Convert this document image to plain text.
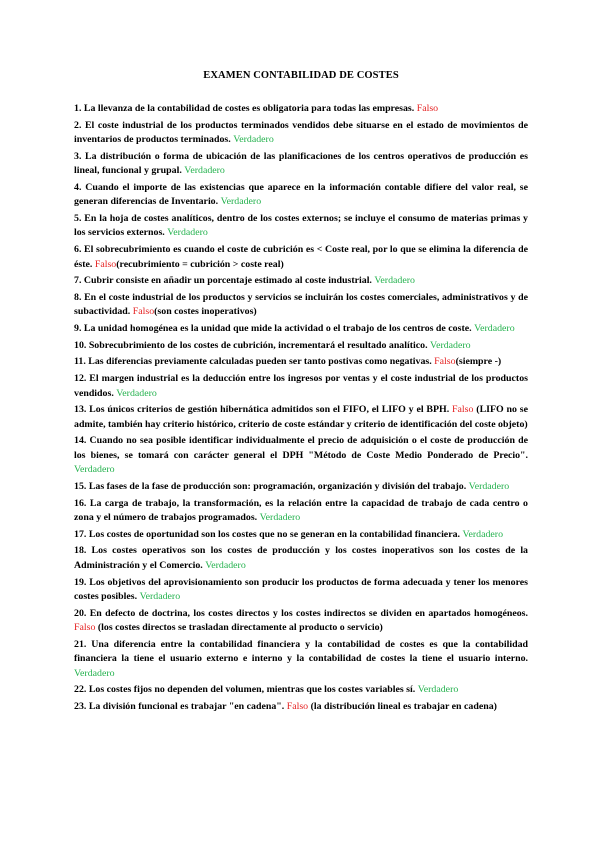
EXAMEN CONTABILIDAD DE COSTES

1. La llevanza de la contabilidad de costes es obligatoria para todas las empresas. Falso

2. El coste industrial de los productos terminados vendidos debe situarse en el estado de movimientos de inventarios de productos terminados. Verdadero

3. La distribución o forma de ubicación de las planificaciones de los centros operativos de producción es lineal, funcional y grupal. Verdadero

4. Cuando el importe de las existencias que aparece en la información contable difiere del valor real, se generan diferencias de Inventario. Verdadero

5. En la hoja de costes analíticos, dentro de los costes externos; se incluye el consumo de materias primas y los servicios externos. Verdadero

6. El sobrecubrimiento es cuando el coste de cubrición es < Coste real, por lo que se elimina la diferencia de éste. Falso(recubrimiento = cubrición > coste real)

7. Cubrir consiste en añadir un porcentaje estimado al coste industrial. Verdadero

8. En el coste industrial de los productos y servicios se incluirán los costes comerciales, administrativos y de subactividad. Falso(son costes inoperativos)

9. La unidad homogénea es la unidad que mide la actividad o el trabajo de los centros de coste. Verdadero

10. Sobrecubrimiento de los costes de cubrición, incrementará el resultado analítico. Verdadero

11. Las diferencias previamente calculadas pueden ser tanto postivas como negativas. Falso(siempre -)

12. El margen industrial es la deducción entre los ingresos por ventas y el coste industrial de los productos vendidos. Verdadero

13. Los únicos criterios de gestión hibernática admitidos son el FIFO, el LIFO y el BPH. Falso (LIFO no se admite, también hay criterio histórico, criterio de coste estándar y criterio de identificación del coste objeto)

14. Cuando no sea posible identificar individualmente el precio de adquisición o el coste de producción de los bienes, se tomará con carácter general el DPH "Método de Coste Medio Ponderado de Precio". Verdadero

15. Las fases de la fase de producción son: programación, organización y división del trabajo. Verdadero

16. La carga de trabajo, la transformación, es la relación entre la capacidad de trabajo de cada centro o zona y el número de trabajos programados. Verdadero

17. Los costes de oportunidad son los costes que no se generan en la contabilidad financiera. Verdadero

18. Los costes operativos son los costes de producción y los costes inoperativos son los costes de la Administración y el Comercio. Verdadero

19. Los objetivos del aprovisionamiento son producir los productos de forma adecuada y tener los menores costes posibles. Verdadero

20. En defecto de doctrina, los costes directos y los costes indirectos se dividen en apartados homogéneos. Falso (los costes directos se trasladan directamente al producto o servicio)

21. Una diferencia entre la contabilidad financiera y la contabilidad de costes es que la contabilidad financiera la tiene el usuario externo e interno y la contabilidad de costes la tiene el usuario interno. Verdadero

22. Los costes fijos no dependen del volumen, mientras que los costes variables sí. Verdadero

23. La división funcional es trabajar "en cadena". Falso (la distribución lineal es trabajar en cadena)
